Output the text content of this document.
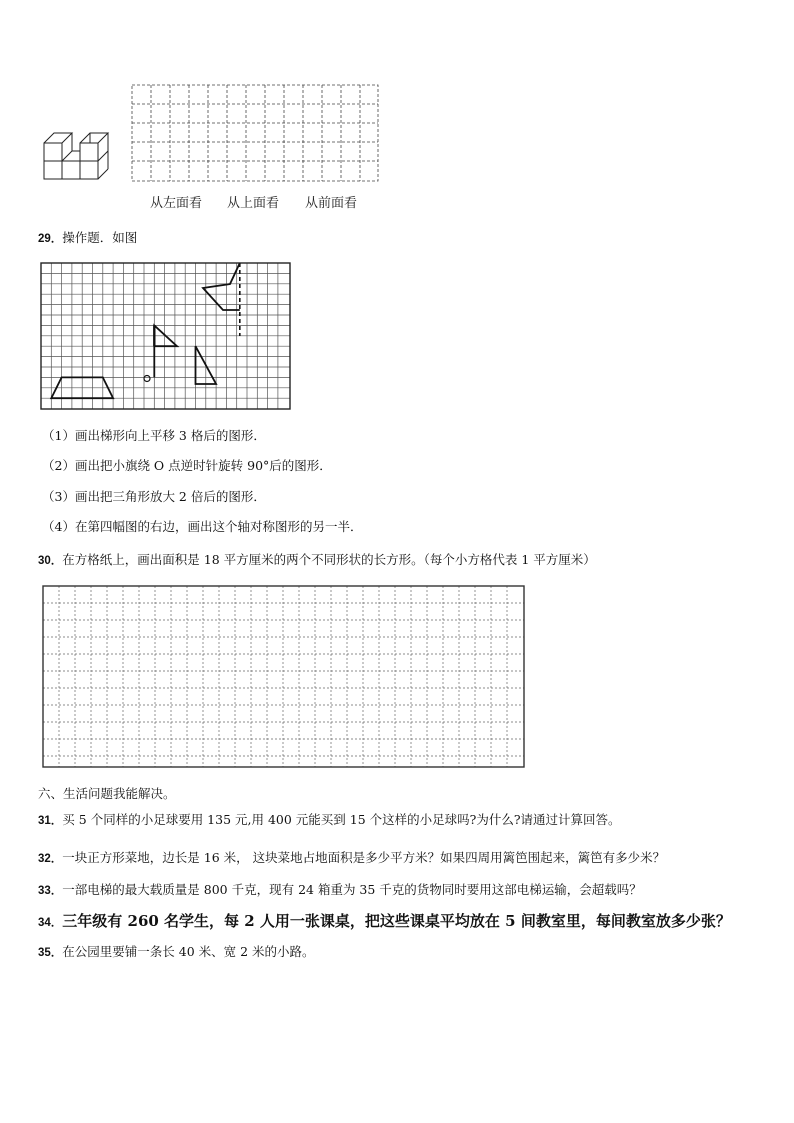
从左面看 从上面看 从前面看
29．操作题．如图
（1）画出梯形向上平移 3 格后的图形．
（2）画出把小旗绕 O 点逆时针旋转 90°后的图形．
（3）画出把三角形放大 2 倍后的图形．
（4）在第四幅图的右边，画出这个轴对称图形的另一半．
30．在方格纸上，画出面积是 18 平方厘米的两个不同形状的长方形。（每个小方格代表 1 平方厘米）
六、生活问题我能解决。
31．买 5 个同样的小足球要用 135 元,用 400 元能买到 15 个这样的小足球吗?为什么?请通过计算回答。
32．一块正方形菜地，边长是 16 米， 这块菜地占地面积是多少平方米？如果四周用篱笆围起来，篱笆有多少米？
33．一部电梯的最大载质量是 800 千克，现有 24 箱重为 35 千克的货物同时要用这部电梯运输，会超载吗？
34．三年级有 260 名学生，每 2 人用一张课桌，把这些课桌平均放在 5 间教室里，每间教室放多少张？
35．在公园里要铺一条长 40 米、宽 2 米的小路。
